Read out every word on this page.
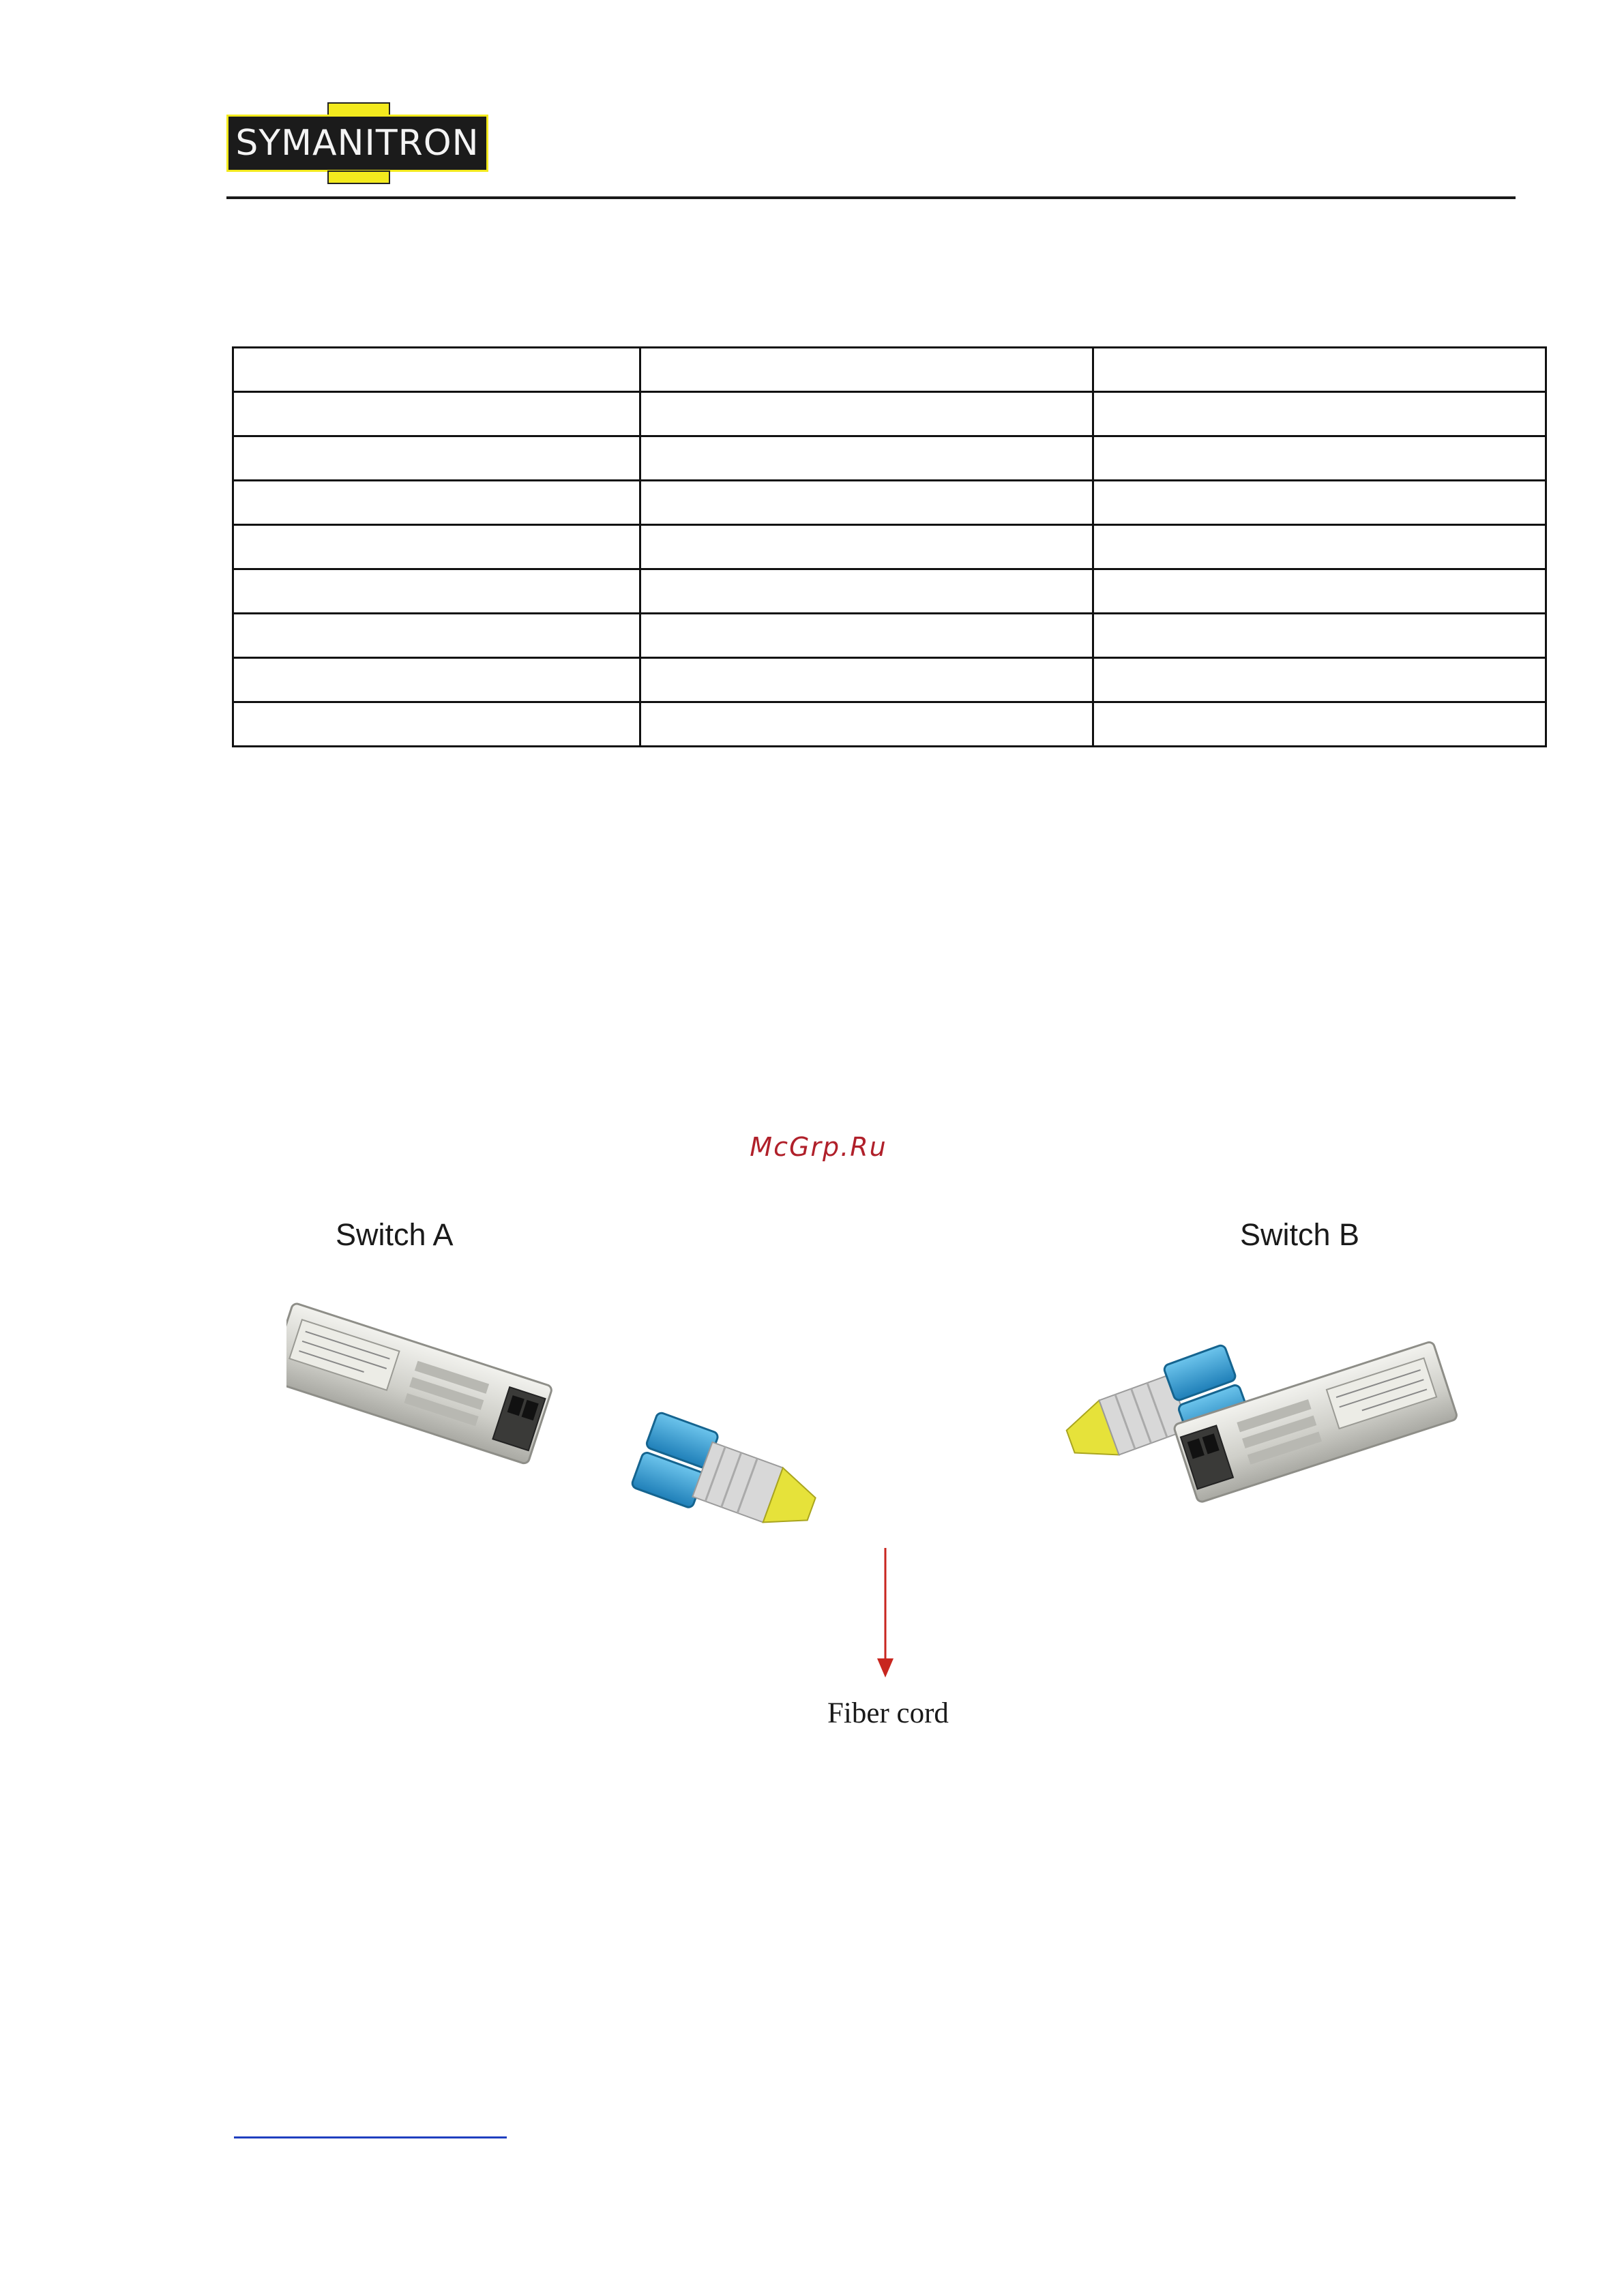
SYMANITRON

McGrp.Ru
Switch A	Switch B
Fiber cord
